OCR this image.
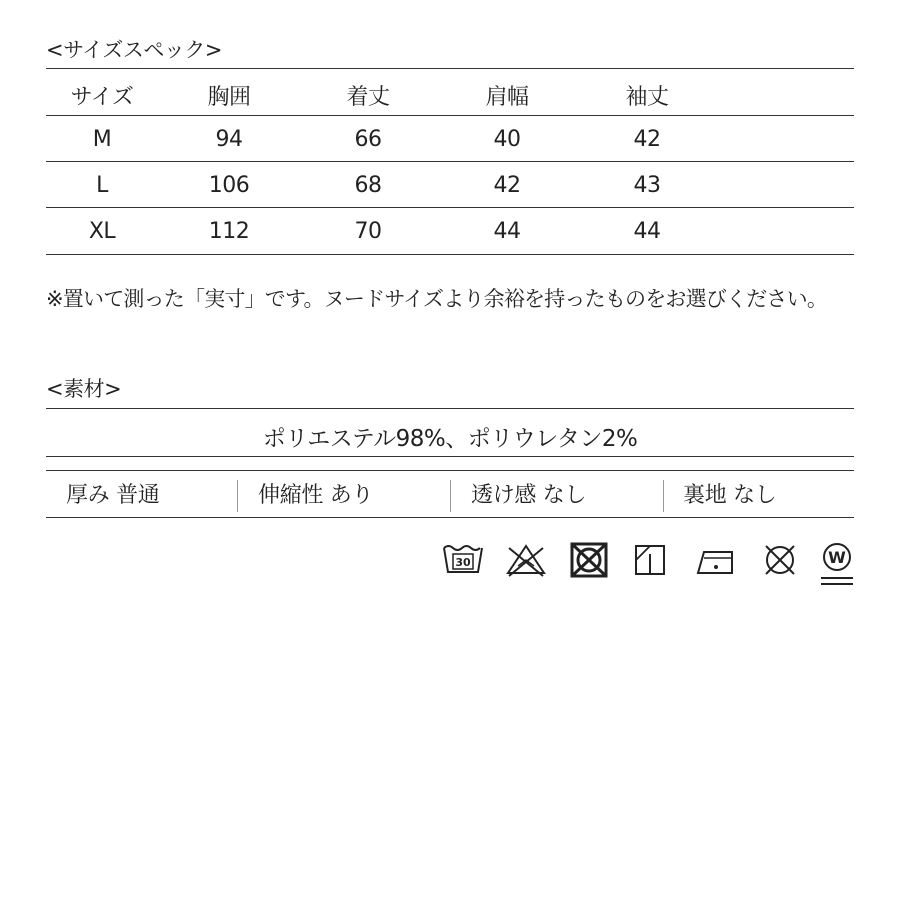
<サイズスペック>
サイズ	胸囲	着丈	肩幅	袖丈
M	94	66	40	42
L	106	68	42	43
XL	112	70	44	44
※置いて測った「実寸」です。ヌードサイズより余裕を持ったものをお選びください。
<素材>
ポリエステル98%、ポリウレタン2%
厚み 普通	伸縮性 あり	透け感 なし	裏地 なし
30	W
